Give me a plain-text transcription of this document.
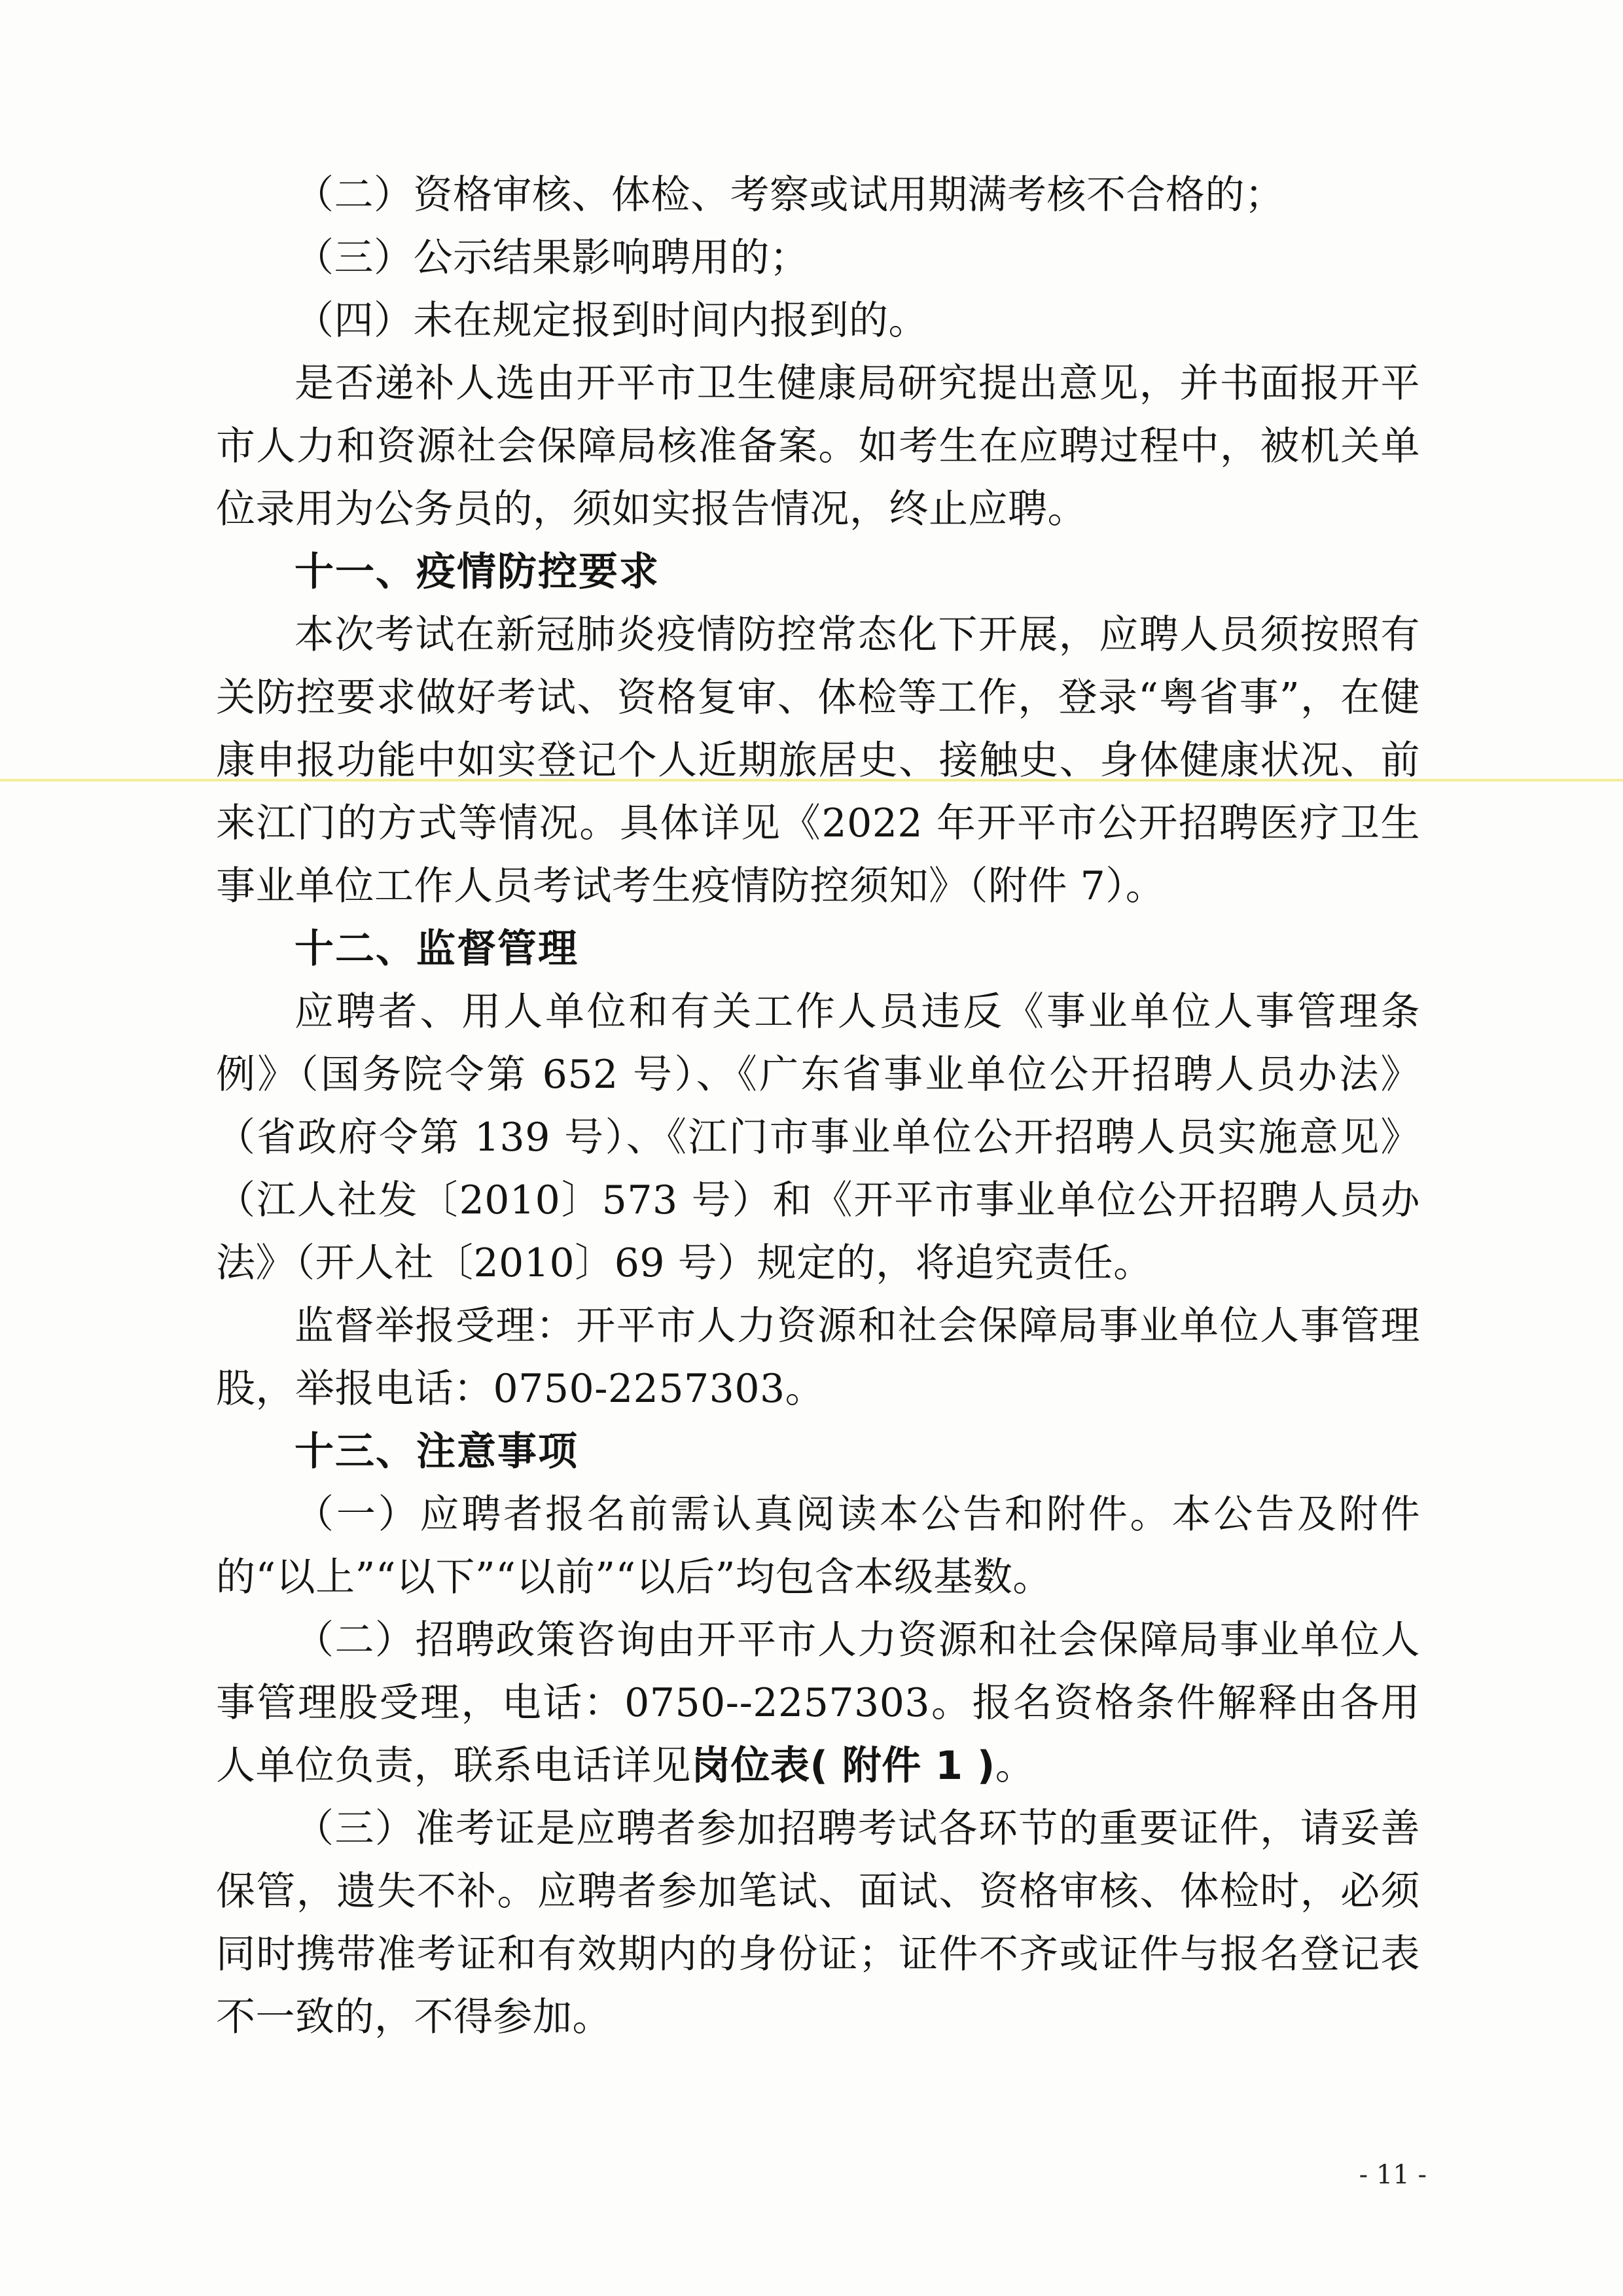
（二）资格审核、体检、考察或试用期满考核不合格的；

（三）公示结果影响聘用的；

（四）未在规定报到时间内报到的。

是否递补人选由开平市卫生健康局研究提出意见，并书面报开平市人力和资源社会保障局核准备案。如考生在应聘过程中，被机关单位录用为公务员的，须如实报告情况，终止应聘。

十一、疫情防控要求

本次考试在新冠肺炎疫情防控常态化下开展，应聘人员须按照有关防控要求做好考试、资格复审、体检等工作，登录“粤省事”，在健康申报功能中如实登记个人近期旅居史、接触史、身体健康状况、前来江门的方式等情况。具体详见《2022 年开平市公开招聘医疗卫生事业单位工作人员考试考生疫情防控须知》（附件 7）。

十二、监督管理

应聘者、用人单位和有关工作人员违反《事业单位人事管理条例》（国务院令第 652 号）、《广东省事业单位公开招聘人员办法》（省政府令第 139 号）、《江门市事业单位公开招聘人员实施意见》（江人社发〔2010〕573 号）和《开平市事业单位公开招聘人员办法》（开人社〔2010〕69 号）规定的，将追究责任。

监督举报受理：开平市人力资源和社会保障局事业单位人事管理股，举报电话：0750-2257303。

十三、注意事项

（一）应聘者报名前需认真阅读本公告和附件。本公告及附件的“以上”“以下”“以前”“以后”均包含本级基数。

（二）招聘政策咨询由开平市人力资源和社会保障局事业单位人事管理股受理，电话：0750--2257303。报名资格条件解释由各用人单位负责，联系电话详见岗位表( 附件 1 )。

（三）准考证是应聘者参加招聘考试各环节的重要证件，请妥善保管，遗失不补。应聘者参加笔试、面试、资格审核、体检时，必须同时携带准考证和有效期内的身份证；证件不齐或证件与报名登记表不一致的，不得参加。

- 11 -
